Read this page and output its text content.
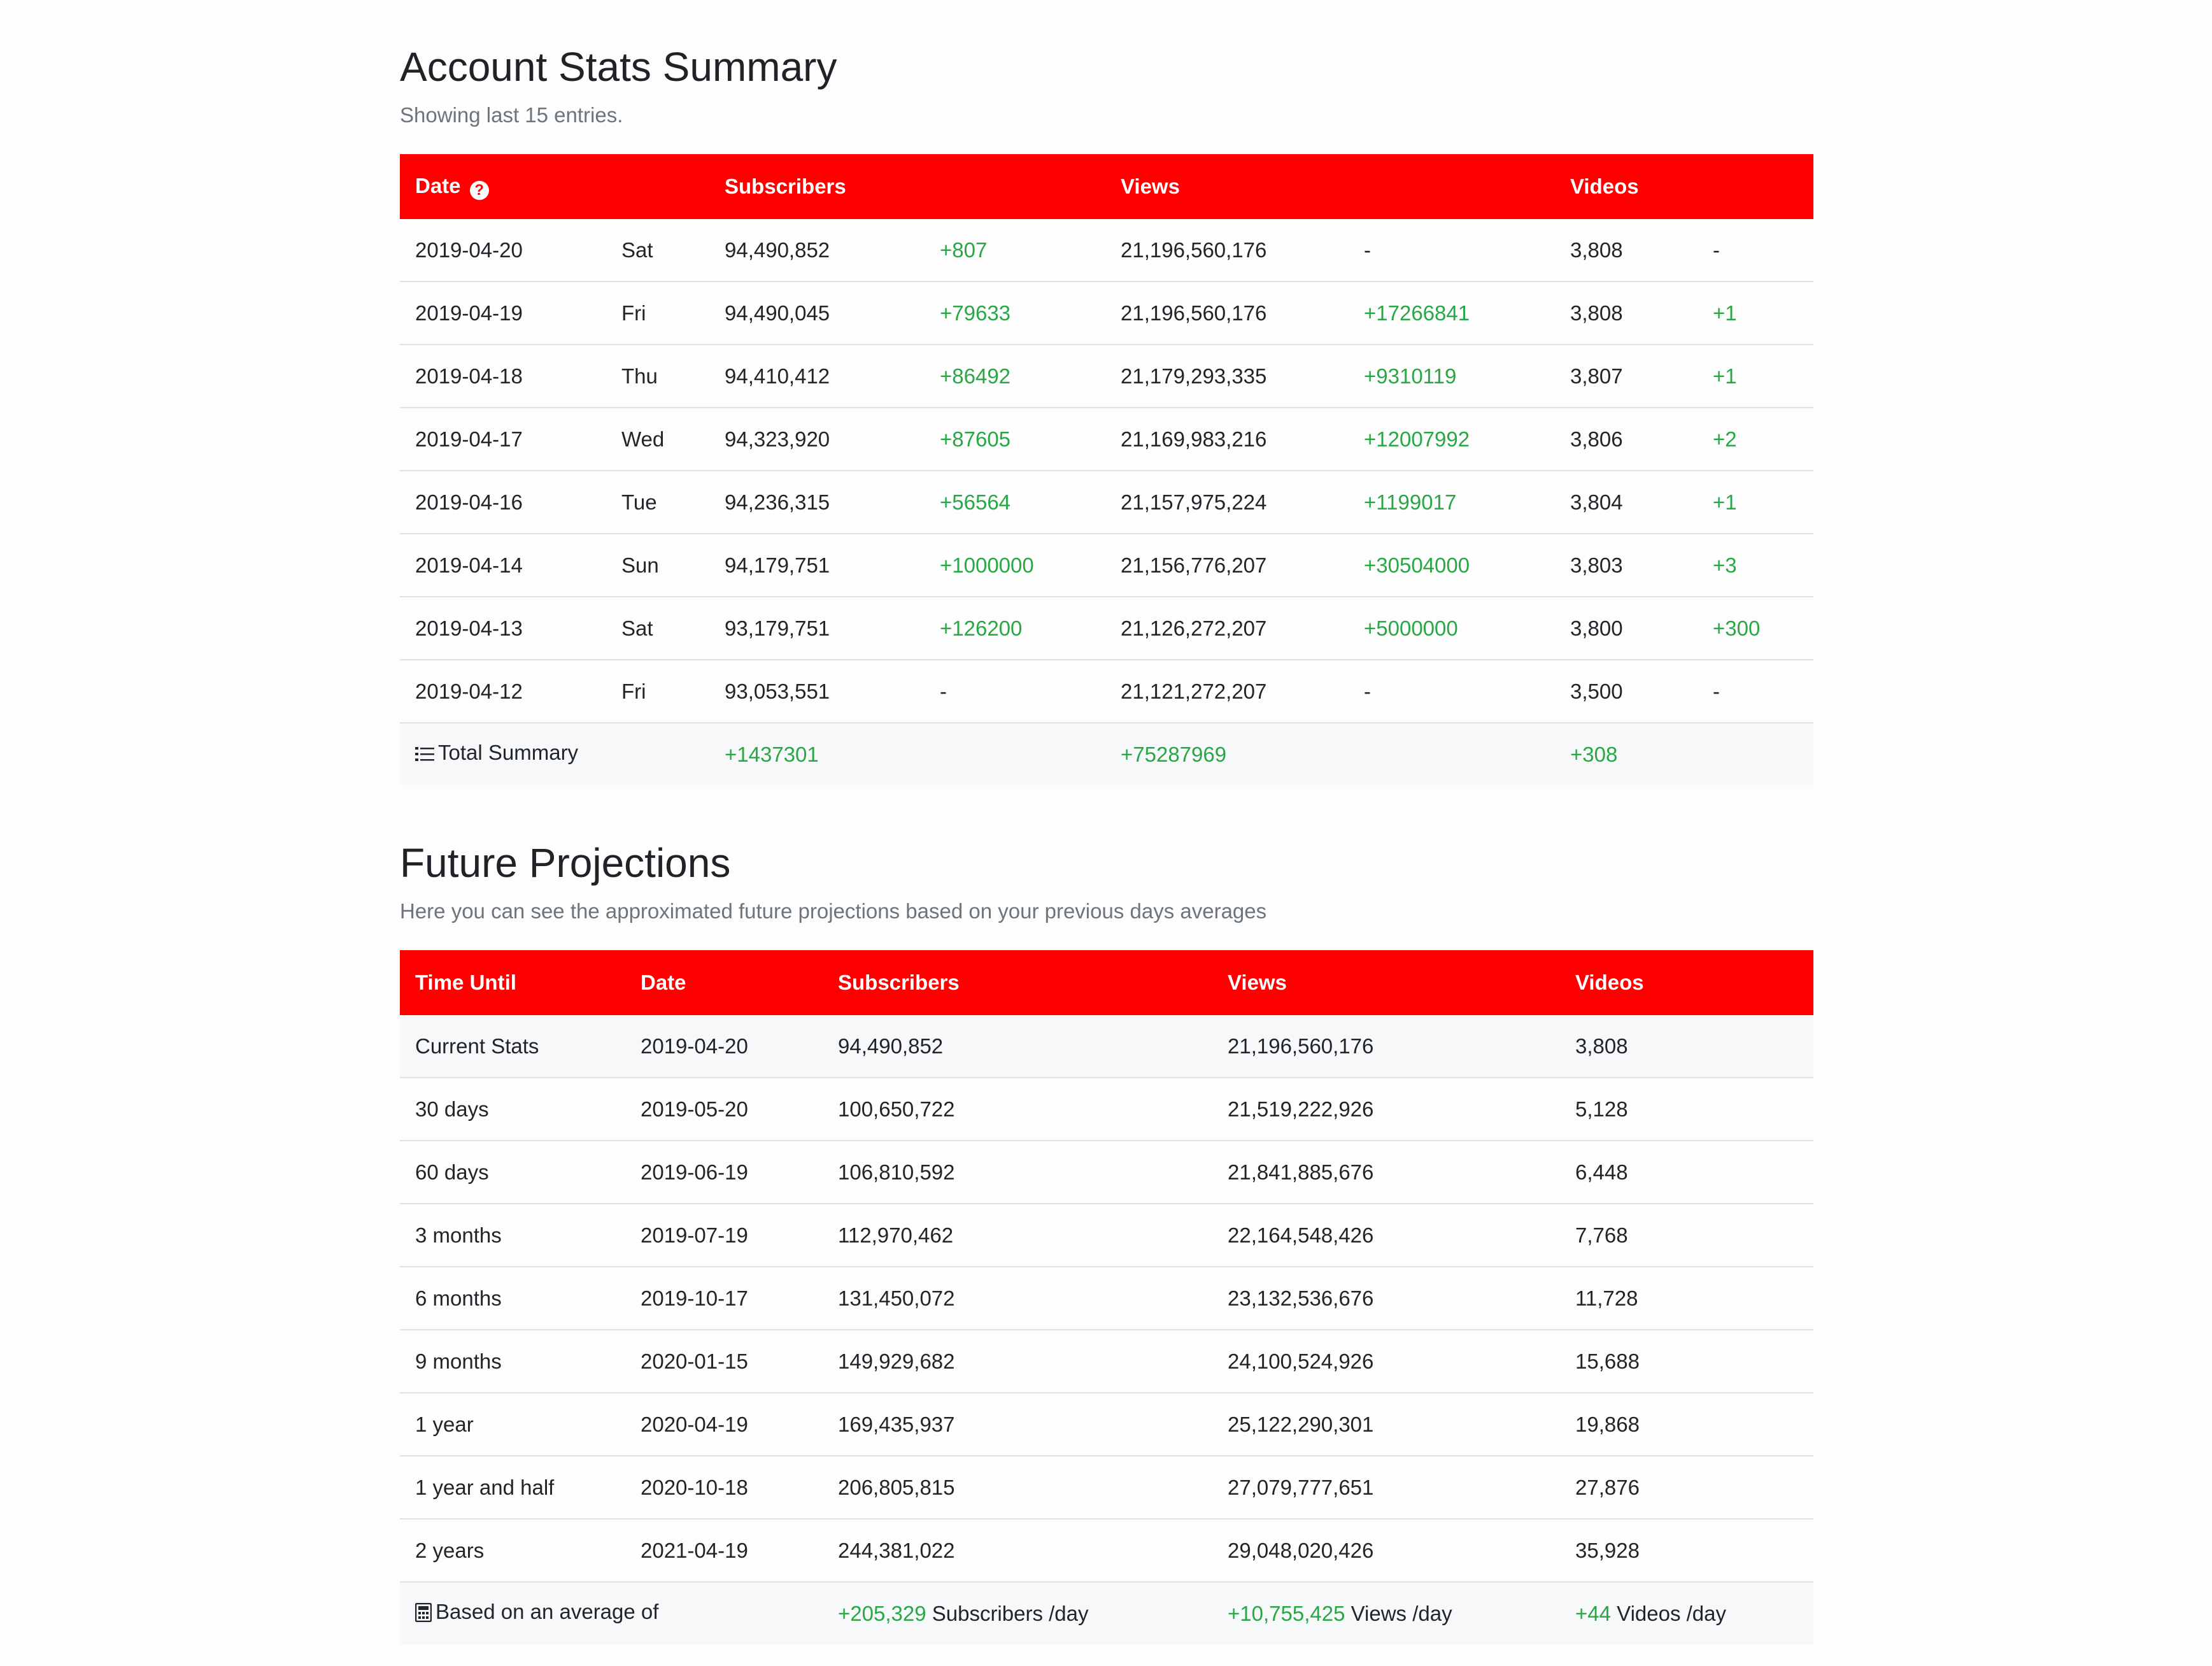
Account Stats Summary

Showing last 15 entries.

Date ?		Subscribers		Views		Videos	
2019-04-20	Sat	94,490,852	+807	21,196,560,176	-	3,808	-
2019-04-19	Fri	94,490,045	+79633	21,196,560,176	+17266841	3,808	+1
2019-04-18	Thu	94,410,412	+86492	21,179,293,335	+9310119	3,807	+1
2019-04-17	Wed	94,323,920	+87605	21,169,983,216	+12007992	3,806	+2
2019-04-16	Tue	94,236,315	+56564	21,157,975,224	+1199017	3,804	+1
2019-04-14	Sun	94,179,751	+1000000	21,156,776,207	+30504000	3,803	+3
2019-04-13	Sat	93,179,751	+126200	21,126,272,207	+5000000	3,800	+300
2019-04-12	Fri	93,053,551	-	21,121,272,207	-	3,500	-
Total Summary		+1437301		+75287969		+308	
Future Projections

Here you can see the approximated future projections based on your previous days averages

Time Until	Date	Subscribers	Views	Videos
Current Stats	2019-04-20	94,490,852	21,196,560,176	3,808
30 days	2019-05-20	100,650,722	21,519,222,926	5,128
60 days	2019-06-19	106,810,592	21,841,885,676	6,448
3 months	2019-07-19	112,970,462	22,164,548,426	7,768
6 months	2019-10-17	131,450,072	23,132,536,676	11,728
9 months	2020-01-15	149,929,682	24,100,524,926	15,688
1 year	2020-04-19	169,435,937	25,122,290,301	19,868
1 year and half	2020-10-18	206,805,815	27,079,777,651	27,876
2 years	2021-04-19	244,381,022	29,048,020,426	35,928
Based on an average of		+205,329 Subscribers /day	+10,755,425 Views /day	+44 Videos /day
